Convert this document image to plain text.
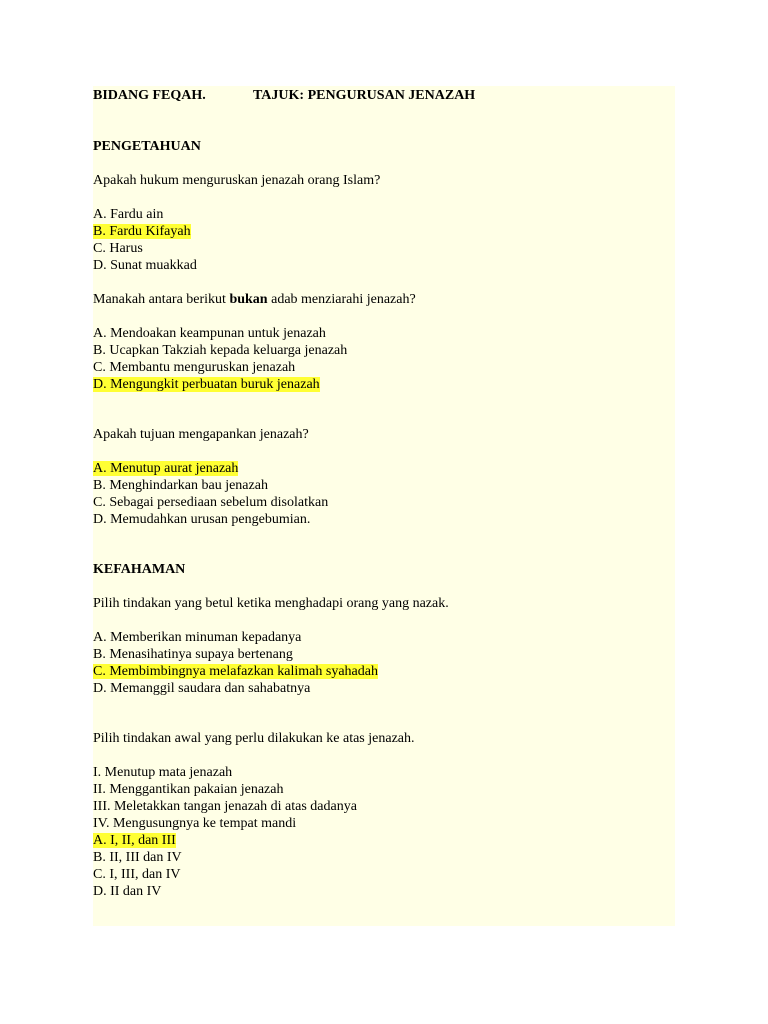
BIDANG FEQAH.	TAJUK: PENGURUSAN JENAZAH
PENGETAHUAN
Apakah hukum menguruskan jenazah orang Islam?
A. Fardu ain
B. Fardu Kifayah
C. Harus
D. Sunat muakkad
Manakah antara berikut bukan adab menziarahi jenazah?
A. Mendoakan keampunan untuk jenazah
B. Ucapkan Takziah kepada keluarga jenazah
C. Membantu menguruskan jenazah
D. Mengungkit perbuatan buruk jenazah
Apakah tujuan mengapankan jenazah?
A. Menutup aurat jenazah
B. Menghindarkan bau jenazah
C. Sebagai persediaan sebelum disolatkan
D. Memudahkan urusan pengebumian.
KEFAHAMAN
Pilih tindakan yang betul ketika menghadapi orang yang nazak.
A. Memberikan minuman kepadanya
B. Menasihatinya supaya bertenang
C. Membimbingnya melafazkan kalimah syahadah
D. Memanggil saudara dan sahabatnya
Pilih tindakan awal yang perlu dilakukan ke atas jenazah.
I. Menutup mata jenazah
II. Menggantikan pakaian jenazah
III. Meletakkan tangan jenazah di atas dadanya
IV. Mengusungnya ke tempat mandi
A. I, II, dan III
B. II, III dan IV
C. I, III, dan IV
D. II dan IV
